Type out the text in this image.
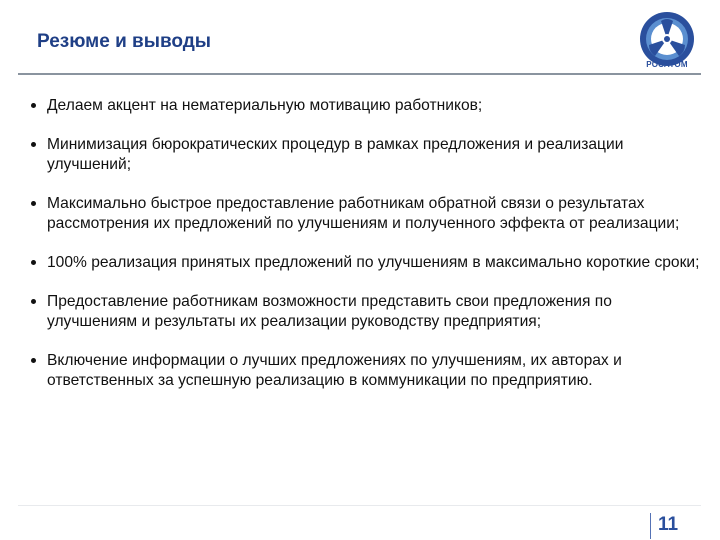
Резюме и выводы
РОСАТОМ
Делаем акцент на нематериальную мотивацию работников;
Минимизация бюрократических процедур в рамках предложения и реализации улучшений;
Максимально быстрое предоставление работникам обратной связи о результатах рассмотрения их предложений по улучшениям и полученного эффекта от реализации;
100% реализация принятых предложений по улучшениям в максимально короткие сроки;
Предоставление работникам возможности представить свои предложения по улучшениям и результаты их реализации руководству предприятия;
Включение информации о лучших предложениях по улучшениям, их авторах и ответственных за успешную реализацию в коммуникации по предприятию.
11
